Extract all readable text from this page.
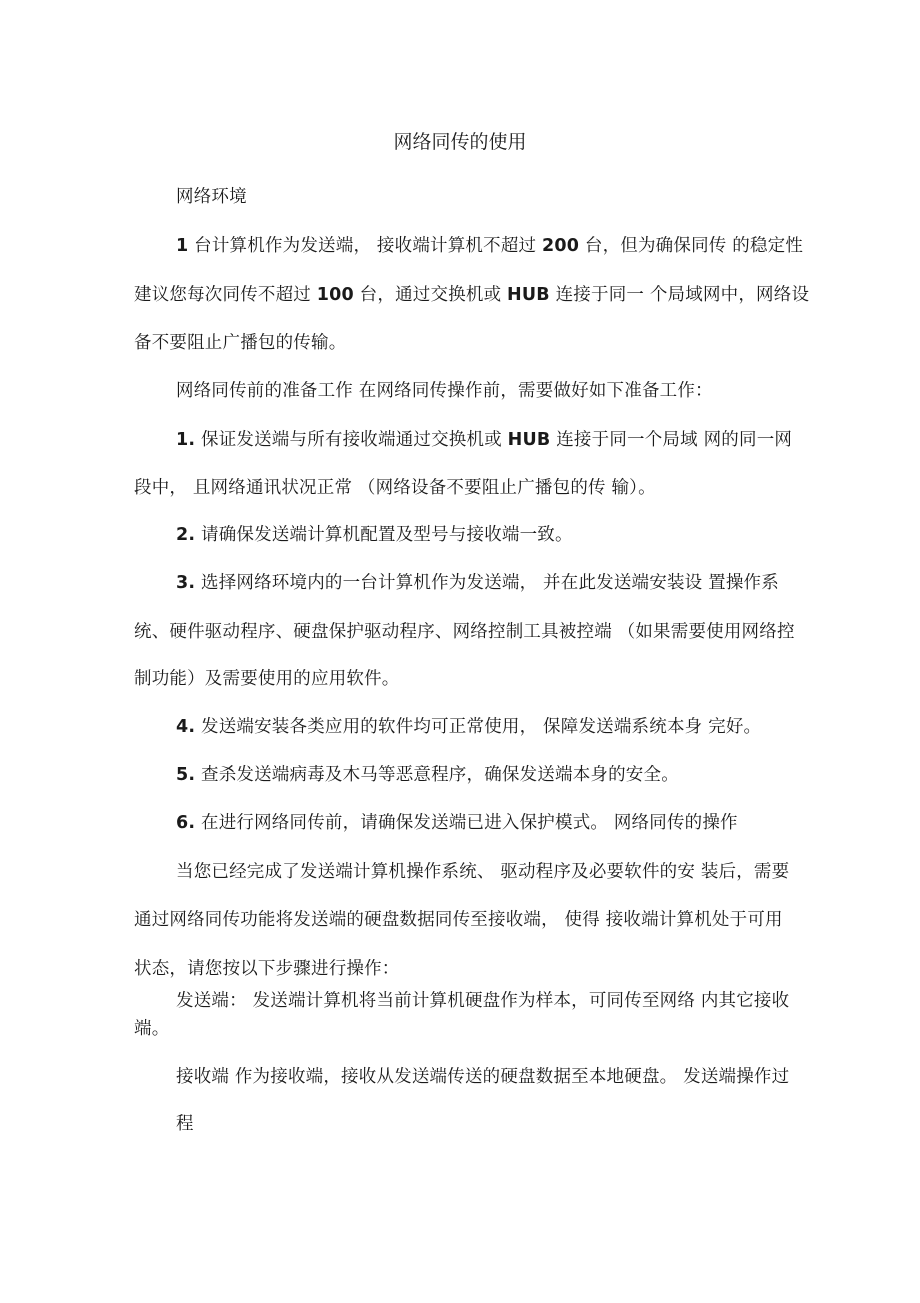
网络同传的使用
网络环境
1 台计算机作为发送端， 接收端计算机不超过 200 台，但为确保同传 的稳定性
建议您每次同传不超过 100 台，通过交换机或 HUB 连接于同一 个局域网中，网络设
备不要阻止广播包的传输。
网络同传前的准备工作 在网络同传操作前，需要做好如下准备工作：
1. 保证发送端与所有接收端通过交换机或 HUB 连接于同一个局域 网的同一网
段中， 且网络通讯状况正常 （网络设备不要阻止广播包的传 输）。
2. 请确保发送端计算机配置及型号与接收端一致。
3. 选择网络环境内的一台计算机作为发送端， 并在此发送端安装设 置操作系
统、硬件驱动程序、硬盘保护驱动程序、网络控制工具被控端 （如果需要使用网络控
制功能）及需要使用的应用软件。
4. 发送端安装各类应用的软件均可正常使用， 保障发送端系统本身 完好。
5. 查杀发送端病毒及木马等恶意程序，确保发送端本身的安全。
6. 在进行网络同传前，请确保发送端已进入保护模式。 网络同传的操作
当您已经完成了发送端计算机操作系统、 驱动程序及必要软件的安 装后，需要
通过网络同传功能将发送端的硬盘数据同传至接收端， 使得 接收端计算机处于可用
状态，请您按以下步骤进行操作：
发送端： 发送端计算机将当前计算机硬盘作为样本，可同传至网络 内其它接收
端。
接收端 作为接收端，接收从发送端传送的硬盘数据至本地硬盘。 发送端操作过
程
